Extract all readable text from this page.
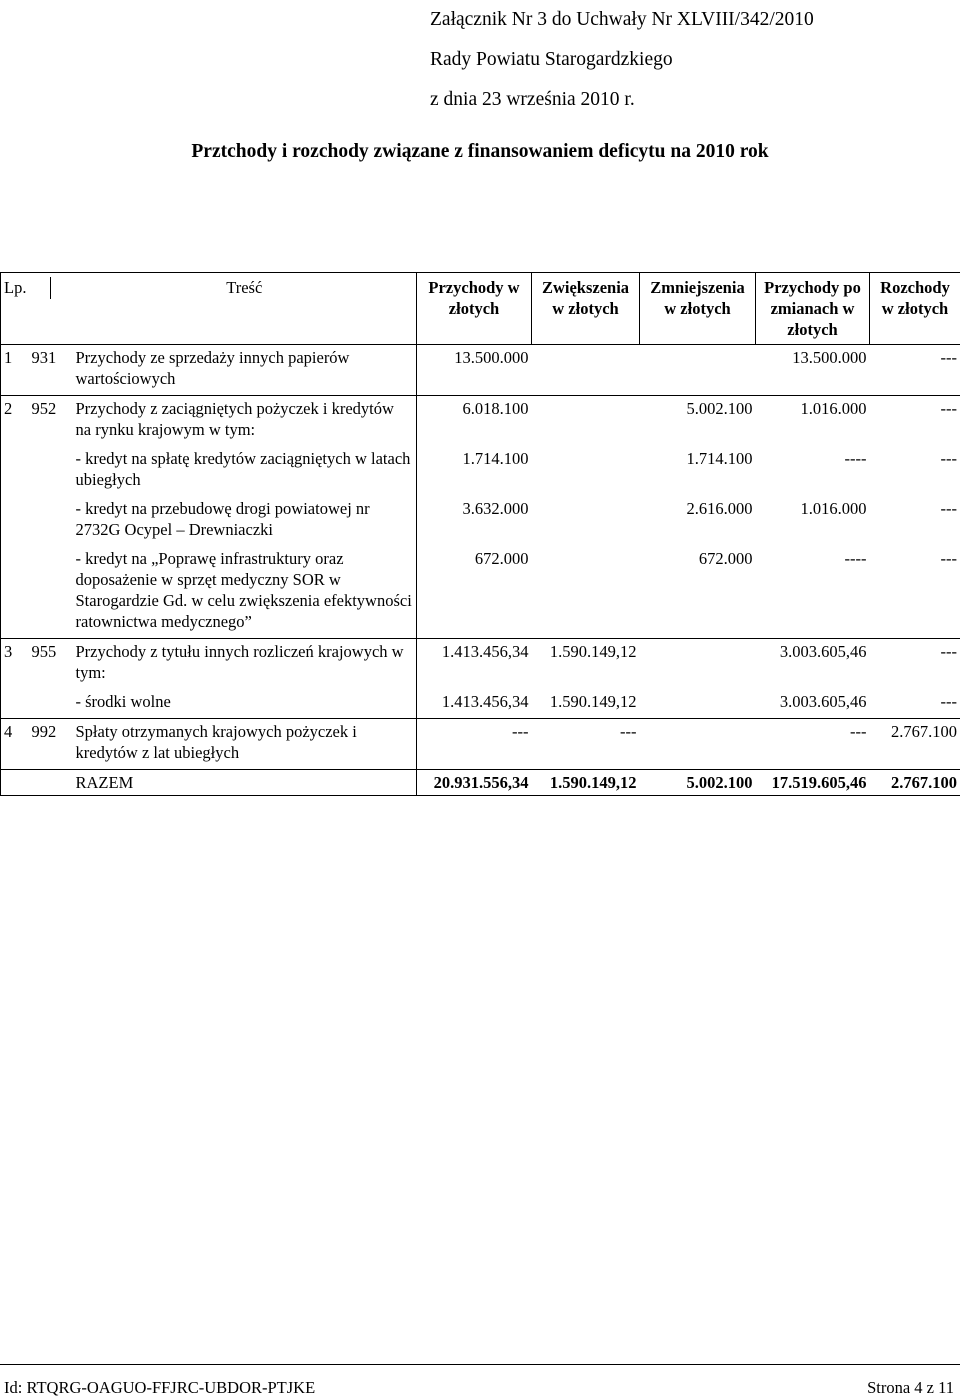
Załącznik Nr 3 do Uchwały Nr XLVIII/342/2010
Rady Powiatu Starogardzkiego
z dnia 23 września 2010 r.
Prztchody i rozchody związane z finansowaniem deficytu na 2010 rok
Lp.		Treść	Przychody w złotych	Zwiększenia w złotych	Zmniejszenia w złotych	Przychody po zmianach w złotych	Rozchody w złotych
1	931	Przychody ze sprzedaży innych papierów wartościowych	13.500.000			13.500.000	---
2	952	Przychody z zaciągniętych pożyczek i kredytów na rynku krajowym w tym:	6.018.100		5.002.100	1.016.000	---
		- kredyt na spłatę kredytów zaciągniętych w latach ubiegłych	1.714.100		1.714.100	----	---
		- kredyt na przebudowę drogi powiatowej nr 2732G Ocypel – Drewniaczki	3.632.000		2.616.000	1.016.000	---
		- kredyt na „Poprawę infrastruktury oraz doposażenie w sprzęt medyczny SOR w Starogardzie Gd. w celu zwiększenia efektywności ratownictwa medycznego”	672.000		672.000	----	---
3	955	Przychody z tytułu innych rozliczeń krajowych w tym:	1.413.456,34	1.590.149,12		3.003.605,46	---
		- środki wolne	1.413.456,34	1.590.149,12		3.003.605,46	---
4	992	Spłaty otrzymanych krajowych pożyczek i kredytów z lat ubiegłych	---	---		---	2.767.100
		RAZEM	20.931.556,34	1.590.149,12	5.002.100	17.519.605,46	2.767.100
Id: RTQRG-OAGUO-FFJRC-UBDOR-PTJKE	Strona 4 z 11
